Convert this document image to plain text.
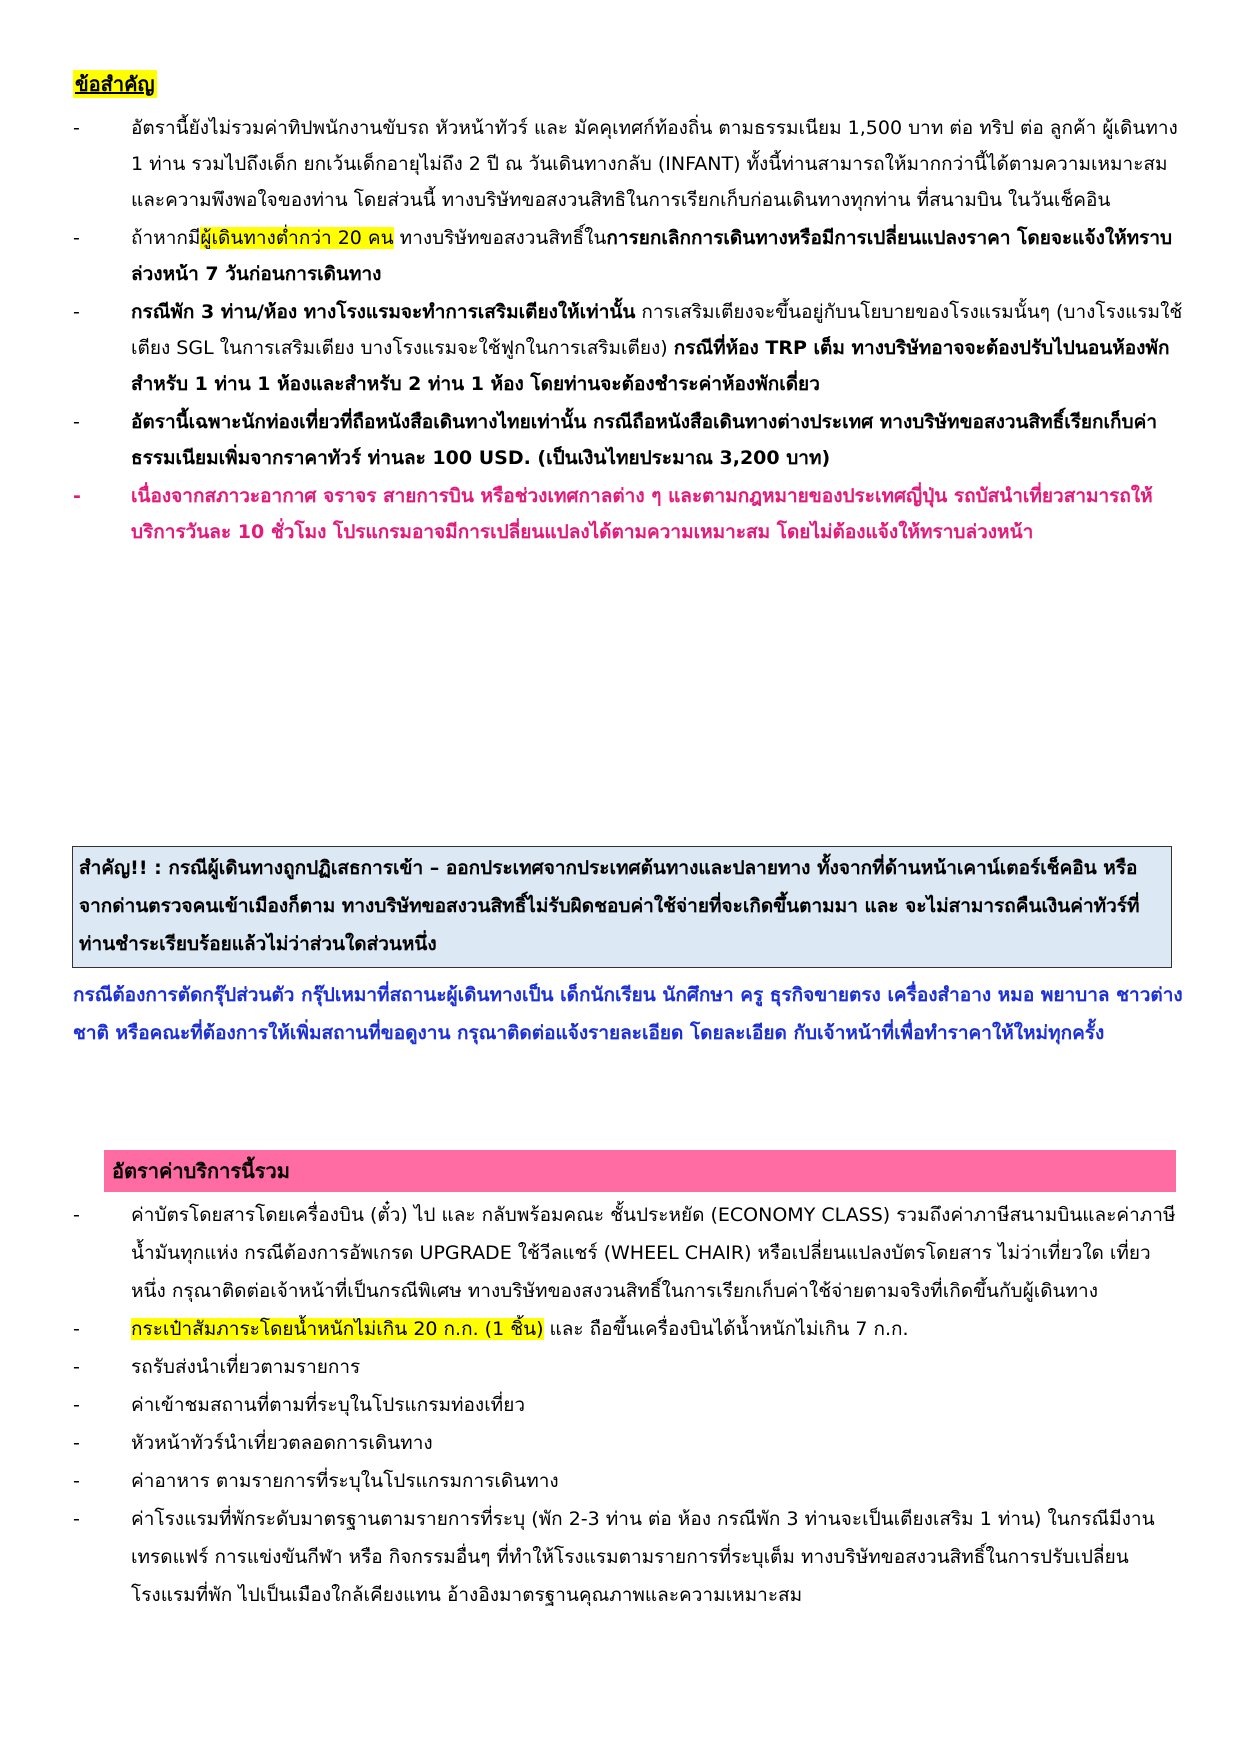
ข้อสำคัญ
-	อัตรานี้ยังไม่รวมค่าทิปพนักงานขับรถ หัวหน้าทัวร์ และ มัคคุเทศก์ท้องถิ่น ตามธรรมเนียม 1,500 บาท ต่อ ทริป ต่อ ลูกค้า ผู้เดินทาง 1 ท่าน รวมไปถึงเด็ก ยกเว้นเด็กอายุไม่ถึง 2 ปี ณ วันเดินทางกลับ (INFANT) ทั้งนี้ท่านสามารถให้มากกว่านี้ได้ตามความเหมาะสมและความพึงพอใจของท่าน โดยส่วนนี้ ทางบริษัทขอสงวนสิทธิในการเรียกเก็บก่อนเดินทางทุกท่าน ที่สนามบิน ในวันเช็คอิน
-	ถ้าหากมีผู้เดินทางต่ำกว่า 20 คน ทางบริษัทขอสงวนสิทธิ์ในการยกเลิกการเดินทางหรือมีการเปลี่ยนแปลงราคา โดยจะแจ้งให้ทราบล่วงหน้า 7 วันก่อนการเดินทาง
-	กรณีพัก 3 ท่าน/ห้อง ทางโรงแรมจะทำการเสริมเตียงให้เท่านั้น การเสริมเตียงจะขึ้นอยู่กับนโยบายของโรงแรมนั้นๆ (บางโรงแรมใช้เตียง SGL ในการเสริมเตียง บางโรงแรมจะใช้ฟูกในการเสริมเตียง) กรณีที่ห้อง TRP เต็ม ทางบริษัทอาจจะต้องปรับไปนอนห้องพักสำหรับ 1 ท่าน 1 ห้องและสำหรับ 2 ท่าน 1 ห้อง โดยท่านจะต้องชำระค่าห้องพักเดี่ยว
-	อัตรานี้เฉพาะนักท่องเที่ยวที่ถือหนังสือเดินทางไทยเท่านั้น กรณีถือหนังสือเดินทางต่างประเทศ ทางบริษัทขอสงวนสิทธิ์เรียกเก็บค่าธรรมเนียมเพิ่มจากราคาทัวร์ ท่านละ 100 USD. (เป็นเงินไทยประมาณ 3,200 บาท)
-	เนื่องจากสภาวะอากาศ จราจร สายการบิน หรือช่วงเทศกาลต่าง ๆ และตามกฎหมายของประเทศญี่ปุ่น รถบัสนำเที่ยวสามารถให้บริการวันละ 10 ชั่วโมง โปรแกรมอาจมีการเปลี่ยนแปลงได้ตามความเหมาะสม โดยไม่ต้องแจ้งให้ทราบล่วงหน้า
สำคัญ!! : กรณีผู้เดินทางถูกปฏิเสธการเข้า – ออกประเทศจากประเทศต้นทางและปลายทาง ทั้งจากที่ด้านหน้าเคาน์เตอร์เช็คอิน หรือจากด่านตรวจคนเข้าเมืองก็ตาม ทางบริษัทขอสงวนสิทธิ์ไม่รับผิดชอบค่าใช้จ่ายที่จะเกิดขึ้นตามมา และ จะไม่สามารถคืนเงินค่าทัวร์ที่ท่านชำระเรียบร้อยแล้วไม่ว่าส่วนใดส่วนหนึ่ง
กรณีต้องการตัดกรุ๊ปส่วนตัว กรุ๊ปเหมาที่สถานะผู้เดินทางเป็น เด็กนักเรียน นักศึกษา ครู ธุรกิจขายตรง เครื่องสำอาง หมอ พยาบาล ชาวต่างชาติ หรือคณะที่ต้องการให้เพิ่มสถานที่ขอดูงาน กรุณาติดต่อแจ้งรายละเอียด โดยละเอียด กับเจ้าหน้าที่เพื่อทำราคาให้ใหม่ทุกครั้ง
อัตราค่าบริการนี้รวม
-	ค่าบัตรโดยสารโดยเครื่องบิน (ตั๋ว) ไป และ กลับพร้อมคณะ ชั้นประหยัด (ECONOMY CLASS) รวมถึงค่าภาษีสนามบินและค่าภาษีน้ำมันทุกแห่ง กรณีต้องการอัพเกรด UPGRADE ใช้วีลแชร์ (WHEEL CHAIR) หรือเปลี่ยนแปลงบัตรโดยสาร ไม่ว่าเที่ยวใด เที่ยวหนึ่ง กรุณาติดต่อเจ้าหน้าที่เป็นกรณีพิเศษ ทางบริษัทของสงวนสิทธิ์ในการเรียกเก็บค่าใช้จ่ายตามจริงที่เกิดขึ้นกับผู้เดินทาง
-	กระเป๋าสัมภาระโดยน้ำหนักไม่เกิน 20 ก.ก. (1 ชิ้น) และ ถือขึ้นเครื่องบินได้น้ำหนักไม่เกิน 7 ก.ก.
-	รถรับส่งนำเที่ยวตามรายการ
-	ค่าเข้าชมสถานที่ตามที่ระบุในโปรแกรมท่องเที่ยว
-	หัวหน้าทัวร์นำเที่ยวตลอดการเดินทาง
-	ค่าอาหาร ตามรายการที่ระบุในโปรแกรมการเดินทาง
-	ค่าโรงแรมที่พักระดับมาตรฐานตามรายการที่ระบุ (พัก 2-3 ท่าน ต่อ ห้อง กรณีพัก 3 ท่านจะเป็นเตียงเสริม 1 ท่าน) ในกรณีมีงานเทรดแฟร์ การแข่งขันกีฬา หรือ กิจกรรมอื่นๆ ที่ทำให้โรงแรมตามรายการที่ระบุเต็ม ทางบริษัทขอสงวนสิทธิ์ในการปรับเปลี่ยนโรงแรมที่พัก ไปเป็นเมืองใกล้เคียงแทน อ้างอิงมาตรฐานคุณภาพและความเหมาะสม
